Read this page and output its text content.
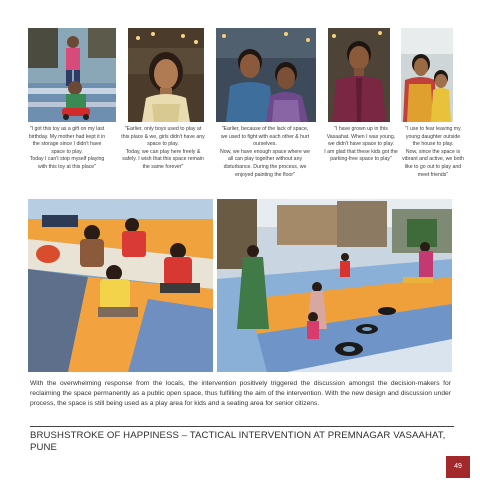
"I got this toy as a gift on my last birthday. My mother had kept it in the storage since I didn't have space to play.
Today I can't stop myself playing with this toy at this place"
"Earlier, only boys used to play at this place & we, girls didn't have any space to play.
Today, we can play here freely & safely. I wish that this space remain the same forever"
"Earlier, because of the lack of space, we used to fight with each other & hurt ourselves.
Now, we have enough space where we all can play together without any disturbance. During the process, we enjoyed painting the floor"
"I have grown up in this Vasaahat. When I was young, we didn't have space to play.
I am glad that these kids got the parking-free space to play"
"I use to fear leaving my young daughter outside the house to play.
Now, since the space is vibrant and active, we both like to go out to play and meet friends"
With the overwhelming response from the locals, the intervention positively triggered the discussion amongst the decision-makers for reclaiming the space permanently as a public open space, thus fulfilling the aim of the intervention. With the new design and discussion under process, the space is still being used as a play area for kids and a seating area for senior citizens.
BRUSHSTROKE OF HAPPINESS – TACTICAL INTERVENTION AT PREMNAGAR VASAAHAT, PUNE
49
